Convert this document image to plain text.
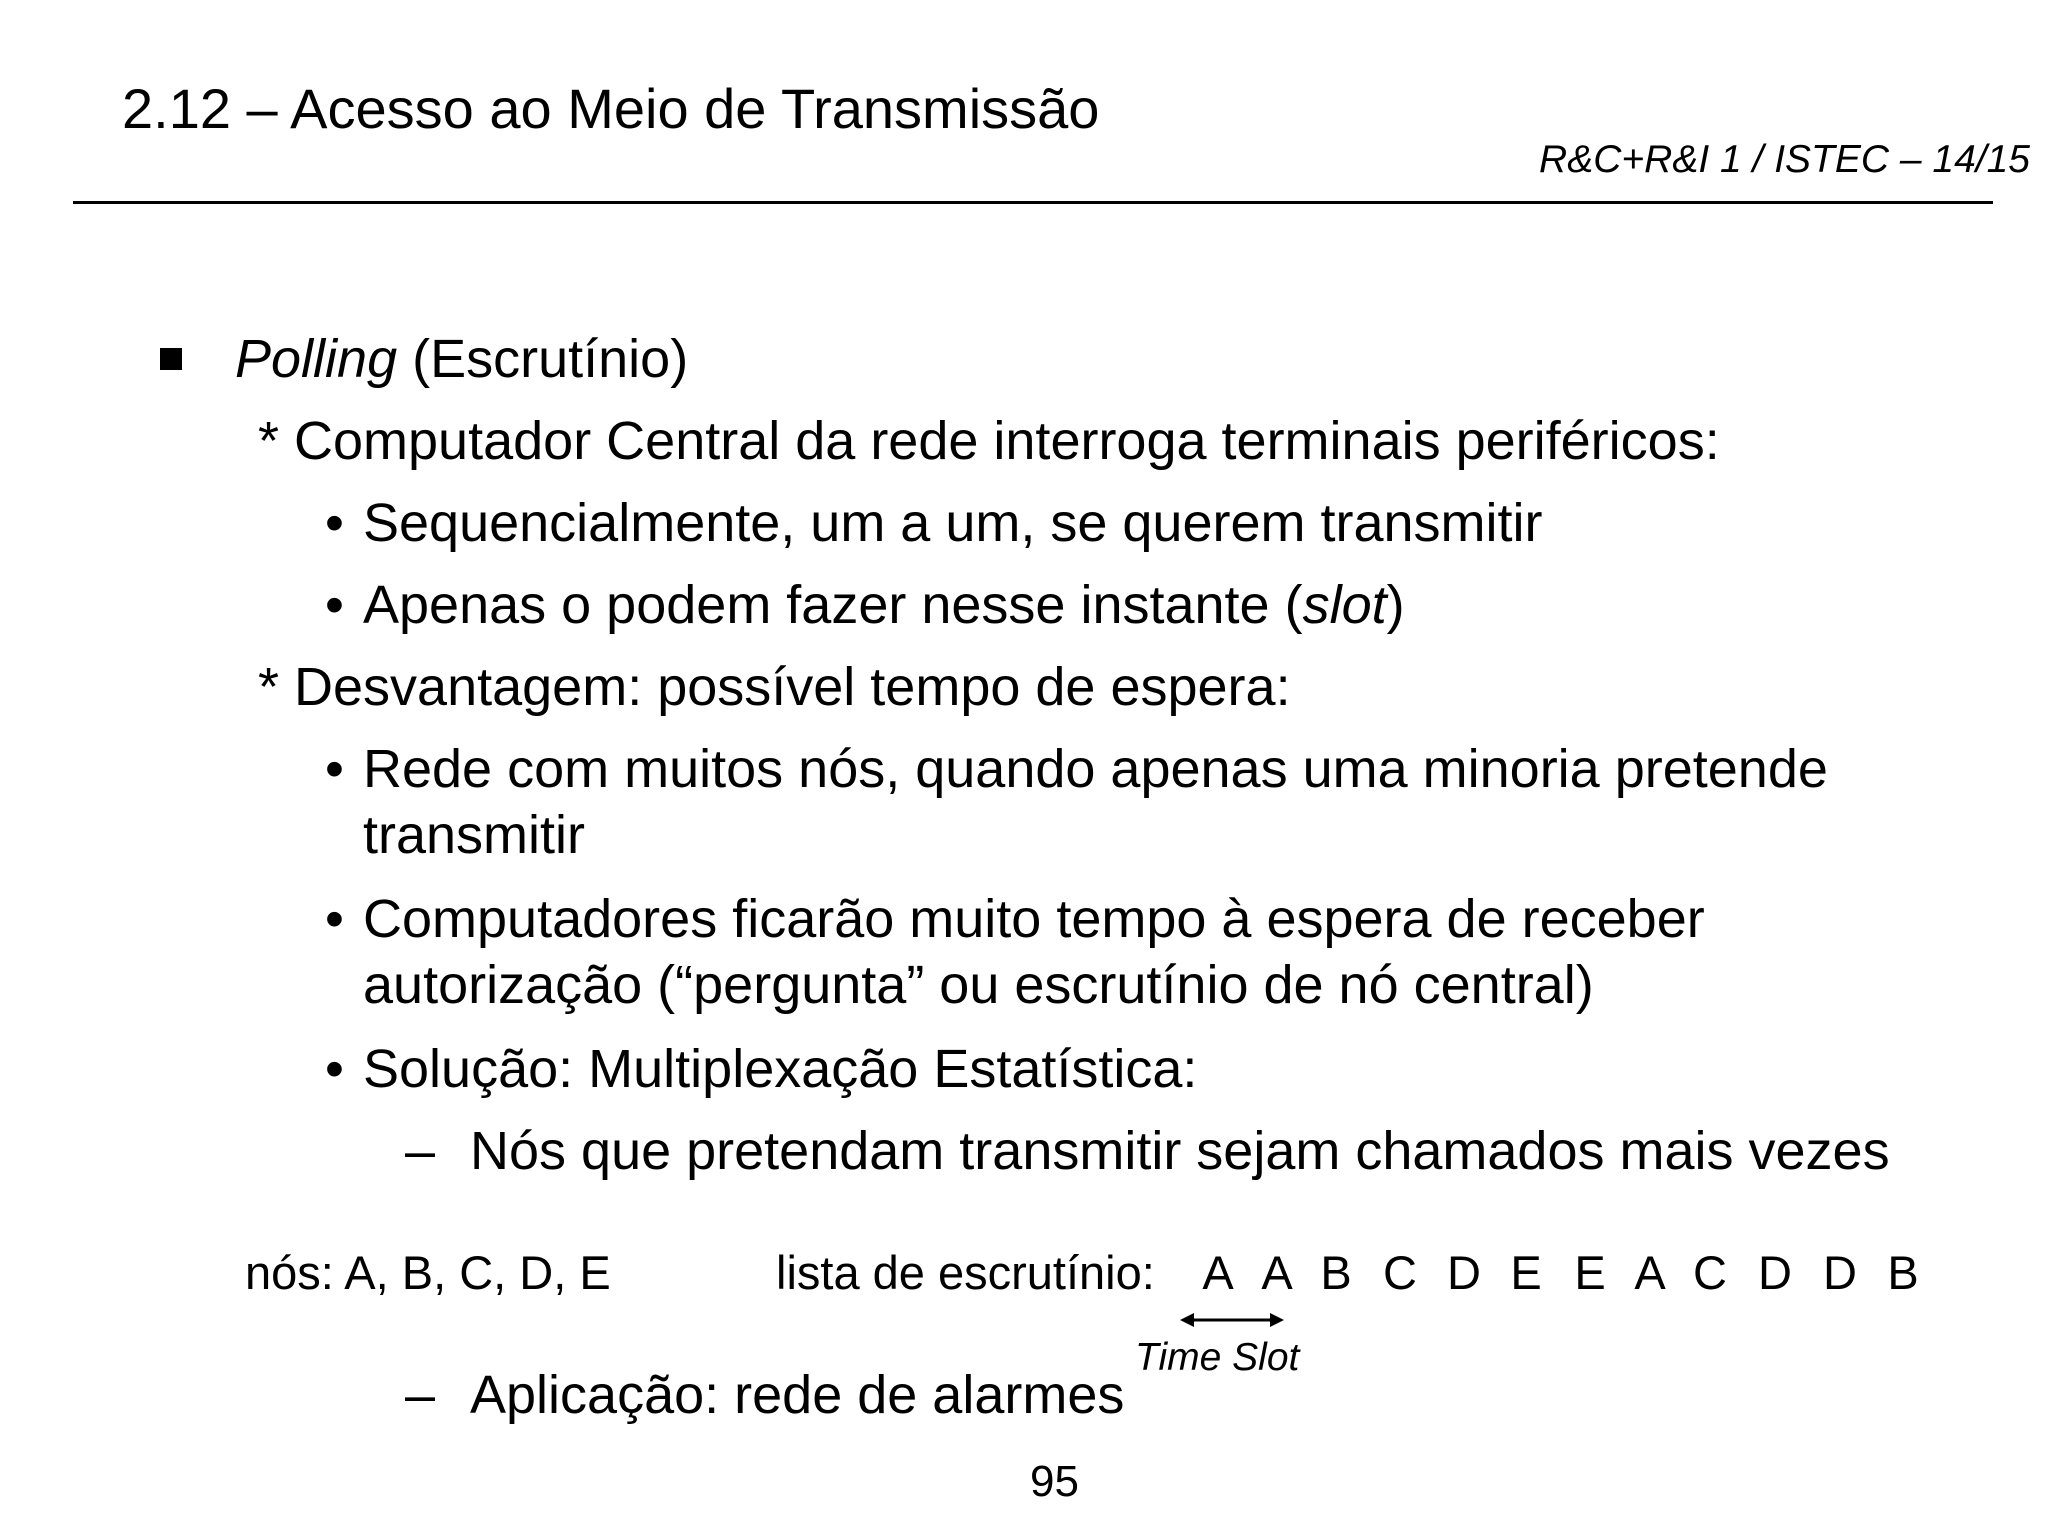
2.12 – Acesso ao Meio de Transmissão
R&C+R&I 1 / ISTEC – 14/15
Polling (Escrutínio)
* Computador Central da rede interroga terminais periféricos:
• Sequencialmente, um a um, se querem transmitir
• Apenas o podem fazer nesse instante (slot)
* Desvantagem: possível tempo de espera:
• Rede com muitos nós, quando apenas uma minoria pretende
transmitir
• Computadores ficarão muito tempo à espera de receber
autorização (“pergunta” ou escrutínio de nó central)
• Solução: Multiplexação Estatística:
– Nós que pretendam transmitir sejam chamados mais vezes
nós: A, B, C, D, E	lista de escrutínio: A A B C D E E A C D D B
Time Slot
– Aplicação: rede de alarmes
95
